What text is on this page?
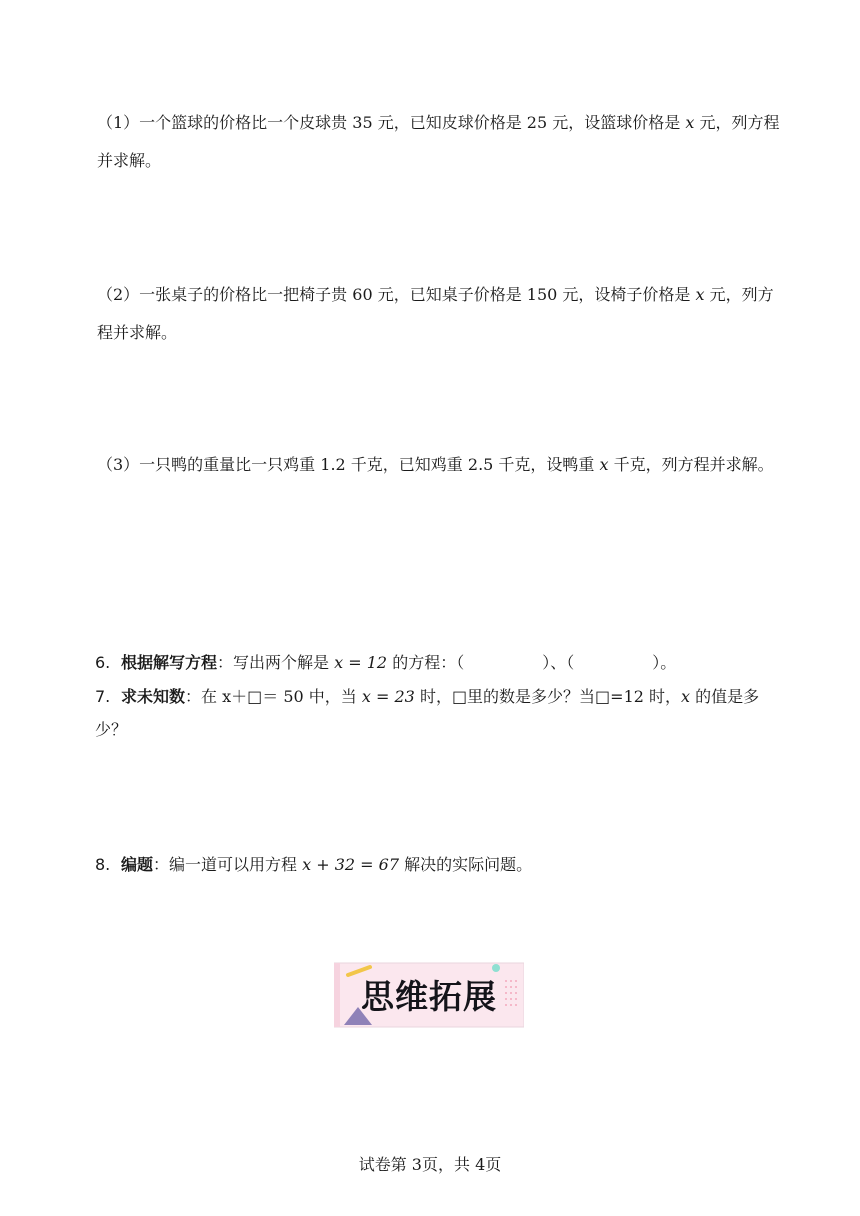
（1）一个篮球的价格比一个皮球贵 35 元，已知皮球价格是 25 元，设篮球价格是 x 元，列方程并求解。

（2）一张桌子的价格比一把椅子贵 60 元，已知桌子价格是 150 元，设椅子价格是 x 元，列方程并求解。

（3）一只鸭的重量比一只鸡重 1.2 千克，已知鸡重 2.5 千克，设鸭重 x 千克，列方程并求解。

6. 根据解写方程：写出两个解是 x = 12 的方程：（	）、（	）。

7. 求未知数：在 x＋□＝ 50 中，当 x = 23 时，□里的数是多少？当□=12 时，x 的值是多少？

8. 编题：编一道可以用方程 x + 32 = 67 解决的实际问题。

思维拓展
试卷第 3页，共 4页
